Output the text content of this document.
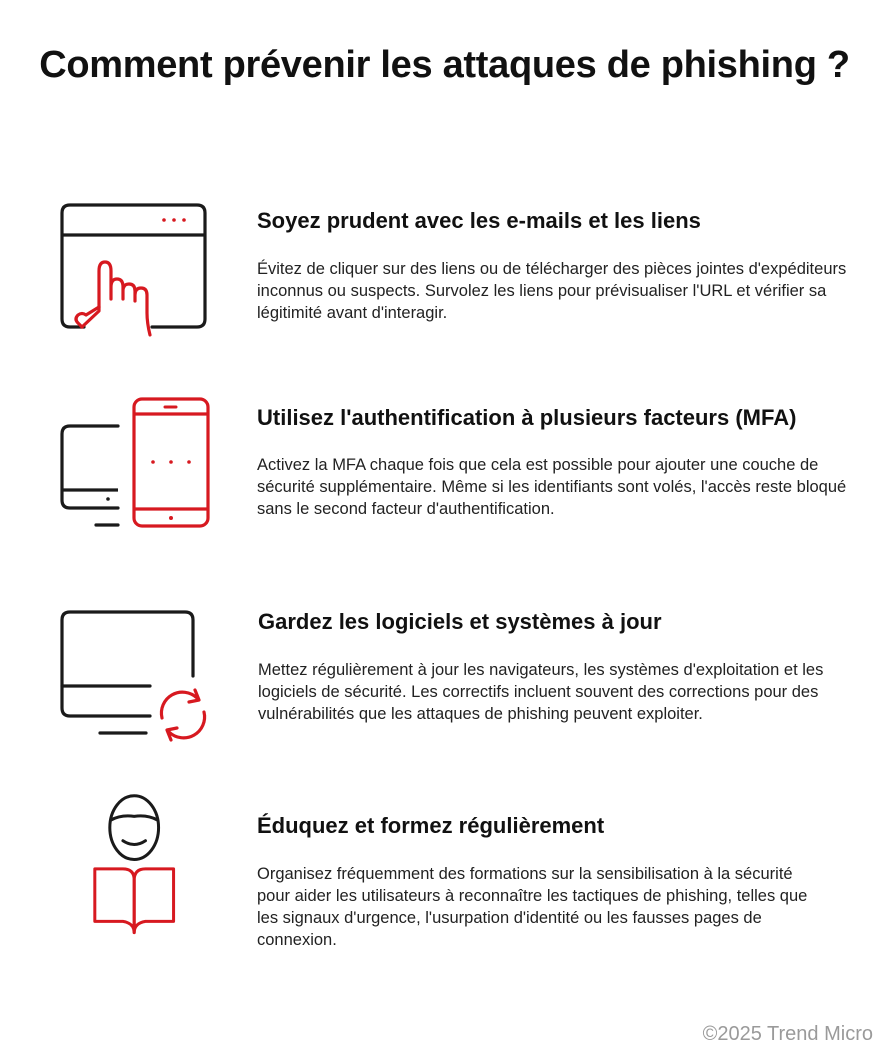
Comment prévenir les attaques de phishing ?
Soyez prudent avec les e-mails et les liens

Évitez de cliquer sur des liens ou de télécharger des pièces jointes d'expéditeurs inconnus ou suspects. Survolez les liens pour prévisualiser l'URL et vérifier sa légitimité avant d'interagir.

Utilisez l'authentification à plusieurs facteurs (MFA)

Activez la MFA chaque fois que cela est possible pour ajouter une couche de sécurité supplémentaire. Même si les identifiants sont volés, l'accès reste bloqué sans le second facteur d'authentification.

Gardez les logiciels et systèmes à jour

Mettez régulièrement à jour les navigateurs, les systèmes d'exploitation et les logiciels de sécurité. Les correctifs incluent souvent des corrections pour des vulnérabilités que les attaques de phishing peuvent exploiter.

Éduquez et formez régulièrement

Organisez fréquemment des formations sur la sensibilisation à la sécurité pour aider les utilisateurs à reconnaître les tactiques de phishing, telles que les signaux d'urgence, l'usurpation d'identité ou les fausses pages de connexion.

©2025 Trend Micro
